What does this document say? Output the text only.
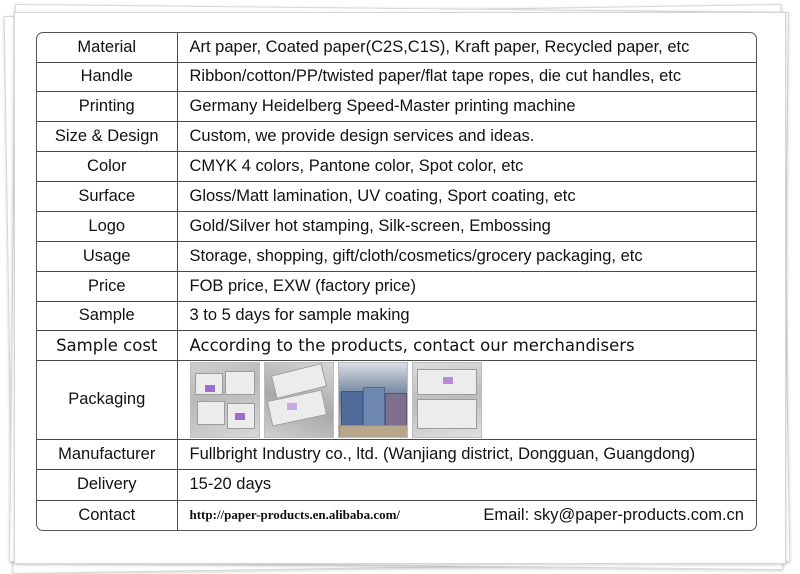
Material	Art paper, Coated paper(C2S,C1S), Kraft paper, Recycled paper, etc
Handle	Ribbon/cotton/PP/twisted paper/flat tape ropes, die cut handles, etc
Printing	Germany Heidelberg Speed-Master printing machine
Size & Design	Custom, we provide design services and ideas.
Color	CMYK 4 colors, Pantone color, Spot color, etc
Surface	Gloss/Matt lamination, UV coating, Sport coating, etc
Logo	Gold/Silver hot stamping, Silk-screen, Embossing
Usage	Storage, shopping, gift/cloth/cosmetics/grocery packaging, etc
Price	FOB price, EXW (factory price)
Sample	3 to 5 days for sample making
Sample cost	According to the products, contact our merchandisers
Packaging	

Manufacturer	Fullbright Industry co., ltd. (Wanjiang district, Dongguan, Guangdong)
Delivery	15-20 days
Contact	http://paper-products.en.alibaba.com/ Email: sky@paper-products.com.cn
